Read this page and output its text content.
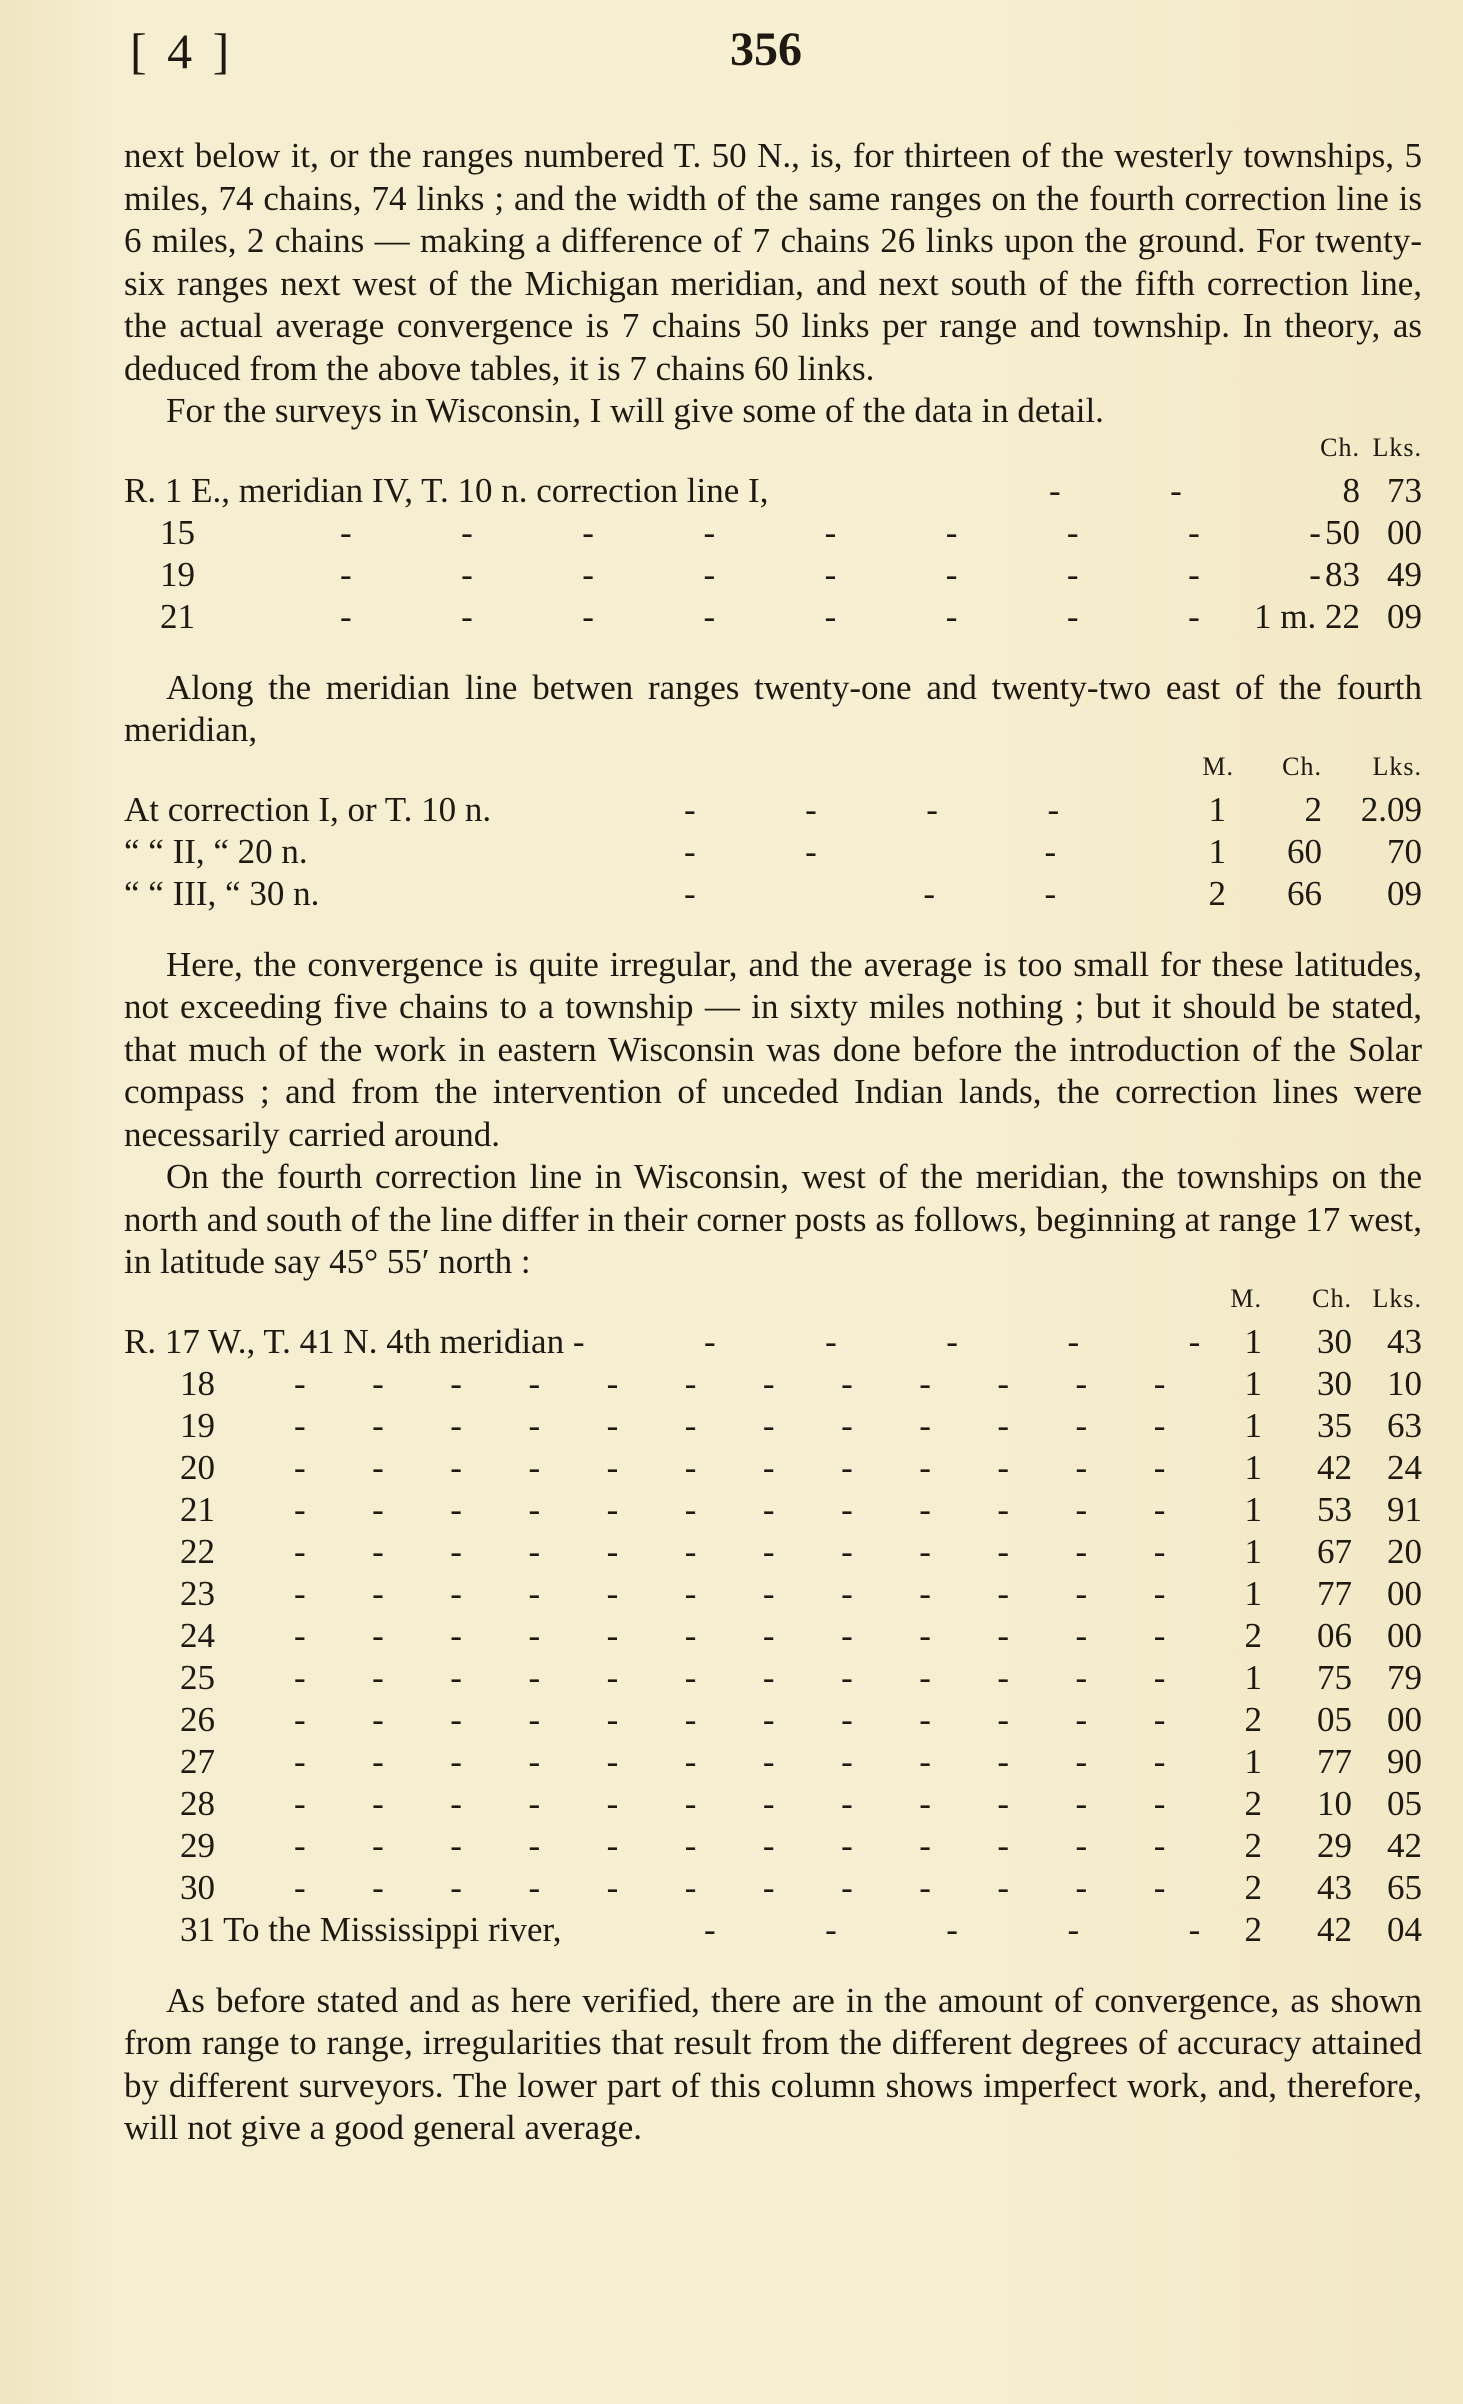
[ 4 ]	356

next below it, or the ranges numbered T. 50 N., is, for thirteen of the westerly townships, 5 miles, 74 chains, 74 links ; and the width of the same ranges on the fourth correction line is 6 miles, 2 chains — making a difference of 7 chains 26 links upon the ground. For twenty-six ranges next west of the Michigan meridian, and next south of the fifth correction line, the actual average convergence is 7 chains 50 links per range and township. In theory, as deduced from the above tables, it is 7 chains 60 links.

For the surveys in Wisconsin, I will give some of the data in detail.

Ch. Lks.
R. 1 E., meridian IV, T. 10 n. correction line I,	-          -	8 73
15	-          -          -          -          -          -          -          -          - 50 00
19	-          -          -          -          -          -          -          -          - 83 49
21	-          -          -          -          -          -          -          - 1 m. 22 09

Along the meridian line betwen ranges twenty-one and twenty-two east of the fourth meridian,

M. Ch. Lks.
At correction I, or T. 10 n.	-          -          -          -	1 2 2.09
“ “ II, “ 20 n.	-          -                     -	1 60 70
“ “ III, “ 30 n.	-                     -          -	2 66 09

Here, the convergence is quite irregular, and the average is too small for these latitudes, not exceeding five chains to a township — in sixty miles nothing ; but it should be stated, that much of the work in eastern Wisconsin was done before the introduction of the Solar compass ; and from the intervention of unceded Indian lands, the correction lines were necessarily carried around.

On the fourth correction line in Wisconsin, west of the meridian, the townships on the north and south of the line differ in their corner posts as follows, beginning at range 17 west, in latitude say 45° 55′ north :

M. Ch. Lks.
R. 17 W., T. 41 N. 4th meridian -	-          -          -          -          - 1 30 43
18 -      -      -      -      -      -      -      -      -      -      -      - 1 30 10
19 -      -      -      -      -      -      -      -      -      -      -      - 1 35 63
20 -      -      -      -      -      -      -      -      -      -      -      - 1 42 24
21 -      -      -      -      -      -      -      -      -      -      -      - 1 53 91
22 -      -      -      -      -      -      -      -      -      -      -      - 1 67 20
23 -      -      -      -      -      -      -      -      -      -      -      - 1 77 00
24 -      -      -      -      -      -      -      -      -      -      -      - 2 06 00
25 -      -      -      -      -      -      -      -      -      -      -      - 1 75 79
26 -      -      -      -      -      -      -      -      -      -      -      - 2 05 00
27 -      -      -      -      -      -      -      -      -      -      -      - 1 77 90
28 -      -      -      -      -      -      -      -      -      -      -      - 2 10 05
29 -      -      -      -      -      -      -      -      -      -      -      - 2 29 42
30 -      -      -      -      -      -      -      -      -      -      -      - 2 43 65
31 To the Mississippi river,	-          -          -          -          - 2 42 04

As before stated and as here verified, there are in the amount of convergence, as shown from range to range, irregularities that result from the different degrees of accuracy attained by different surveyors. The lower part of this column shows imperfect work, and, therefore, will not give a good general average.
